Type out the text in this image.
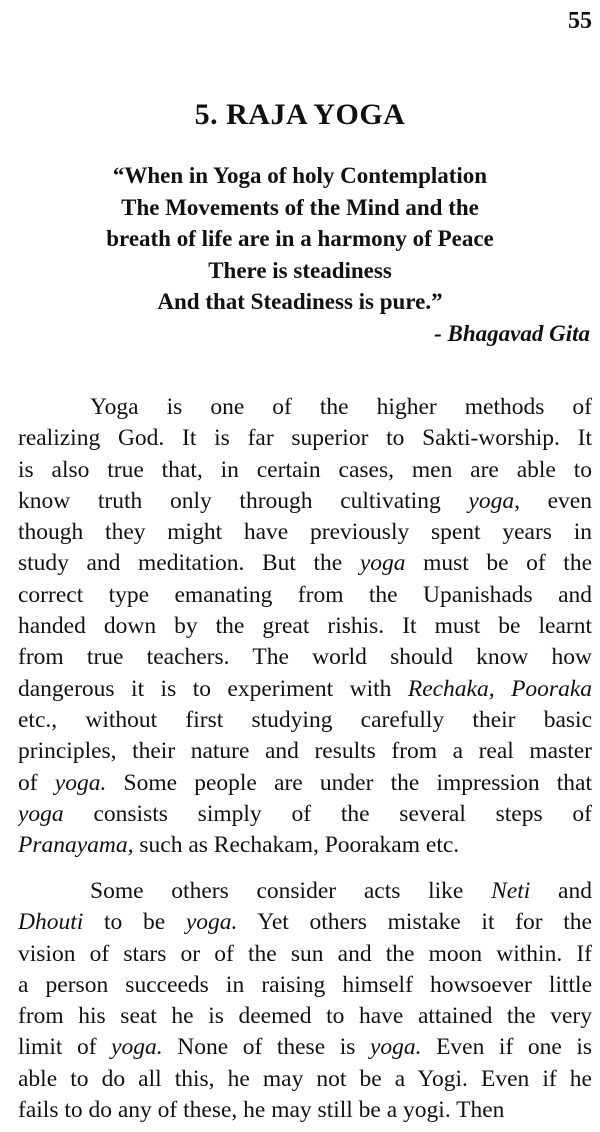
55
5. RAJA YOGA
“When in Yoga of holy Contemplation
The Movements of the Mind and the
breath of life are in a harmony of Peace
There is steadiness
And that Steadiness is pure.”
- Bhagavad Gita
Yoga is one of the higher methods of
realizing God. It is far superior to Sakti-worship. It
is also true that, in certain cases, men are able to
know truth only through cultivating yoga, even
though they might have previously spent years in
study and meditation. But the yoga must be of the
correct type emanating from the Upanishads and
handed down by the great rishis. It must be learnt
from true teachers. The world should know how
dangerous it is to experiment with Rechaka, Pooraka
etc., without first studying carefully their basic
principles, their nature and results from a real master
of yoga. Some people are under the impression that
yoga consists simply of the several steps of
Pranayama, such as Rechakam, Poorakam etc.
Some others consider acts like Neti and
Dhouti to be yoga. Yet others mistake it for the
vision of stars or of the sun and the moon within. If
a person succeeds in raising himself howsoever little
from his seat he is deemed to have attained the very
limit of yoga. None of these is yoga. Even if one is
able to do all this, he may not be a Yogi. Even if he
fails to do any of these, he may still be a yogi. Then
